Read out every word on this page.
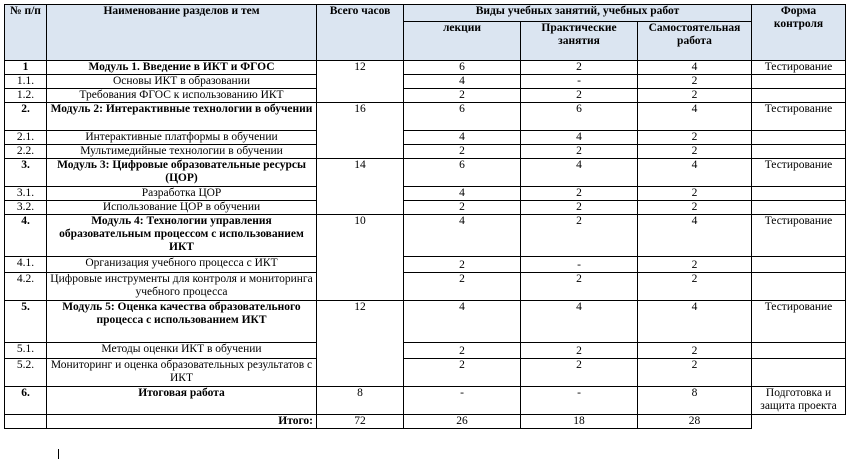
№ п/п	Наименование разделов и тем	Всего часов	Виды учебных занятий, учебных работ			Форма контроля
			лекции	Практические занятия	Самостоятельная работа	
1	Модуль 1. Введение в ИКТ и ФГОС	12	6	2	4	Тестирование
1.1.	Основы ИКТ в образовании		4	-	2	
1.2.	Требования ФГОС к использованию ИКТ		2	2	2	
2.	Модуль 2: Интерактивные технологии в обучении	16	6	6	4	Тестирование
2.1.	Интерактивные платформы в обучении		4	4	2	
2.2.	Мультимедийные технологии в обучении		2	2	2	
3.	Модуль 3: Цифровые образовательные ресурсы (ЦОР)	14	6	4	4	Тестирование
3.1.	Разработка ЦОР		4	2	2	
3.2.	Использование ЦОР в обучении		2	2	2	
4.	Модуль 4: Технологии управления образовательным процессом с использованием ИКТ	10	4	2	4	Тестирование
4.1.	Организация учебного процесса с ИКТ		2	-	2	
4.2.	Цифровые инструменты для контроля и мониторинга учебного процесса		2	2	2	
5.	Модуль 5: Оценка качества образовательного процесса с использованием ИКТ	12	4	4	4	Тестирование
5.1.	Методы оценки ИКТ в обучении		2	2	2	
5.2.	Мониторинг и оценка образовательных результатов с ИКТ		2	2	2	
6.	Итоговая работа	8	-	-	8	Подготовка и защита проекта
	Итого:	72	26	18	28	
